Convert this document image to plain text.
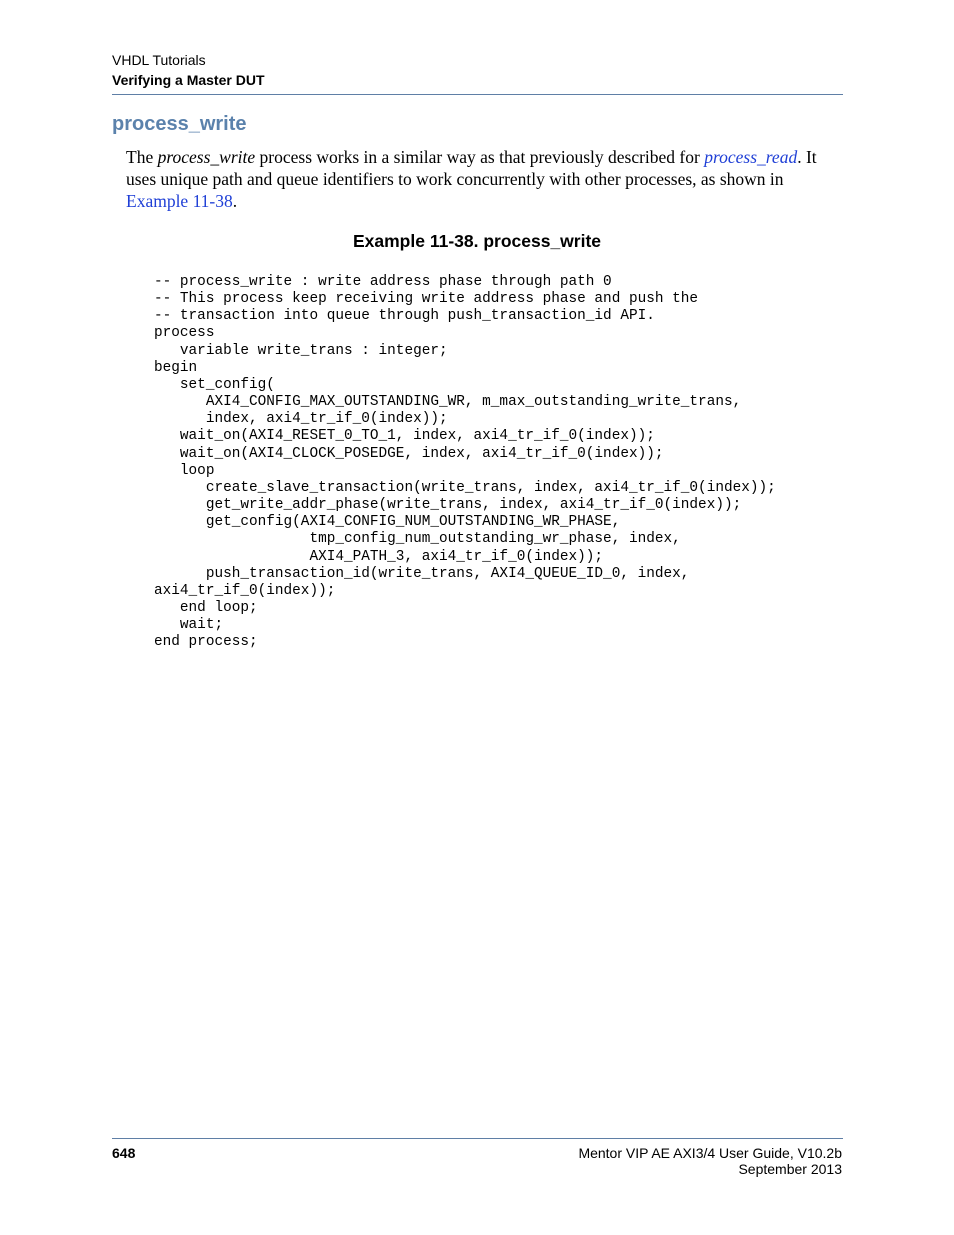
VHDL Tutorials
Verifying a Master DUT
process_write
The process_write process works in a similar way as that previously described for process_read. It uses unique path and queue identifiers to work concurrently with other processes, as shown in Example 11-38.
Example 11-38. process_write
-- process_write : write address phase through path 0
-- This process keep receiving write address phase and push the
-- transaction into queue through push_transaction_id API.
process
variable write_trans : integer;
begin
set_config(
AXI4_CONFIG_MAX_OUTSTANDING_WR, m_max_outstanding_write_trans,
index, axi4_tr_if_0(index));
wait_on(AXI4_RESET_0_TO_1, index, axi4_tr_if_0(index));
wait_on(AXI4_CLOCK_POSEDGE, index, axi4_tr_if_0(index));
loop
create_slave_transaction(write_trans, index, axi4_tr_if_0(index));
get_write_addr_phase(write_trans, index, axi4_tr_if_0(index));
get_config(AXI4_CONFIG_NUM_OUTSTANDING_WR_PHASE,
tmp_config_num_outstanding_wr_phase, index,
AXI4_PATH_3, axi4_tr_if_0(index));
push_transaction_id(write_trans, AXI4_QUEUE_ID_0, index,
axi4_tr_if_0(index));
end loop;
wait;
end process;
648	Mentor VIP AE AXI3/4 User Guide, V10.2b
September 2013
